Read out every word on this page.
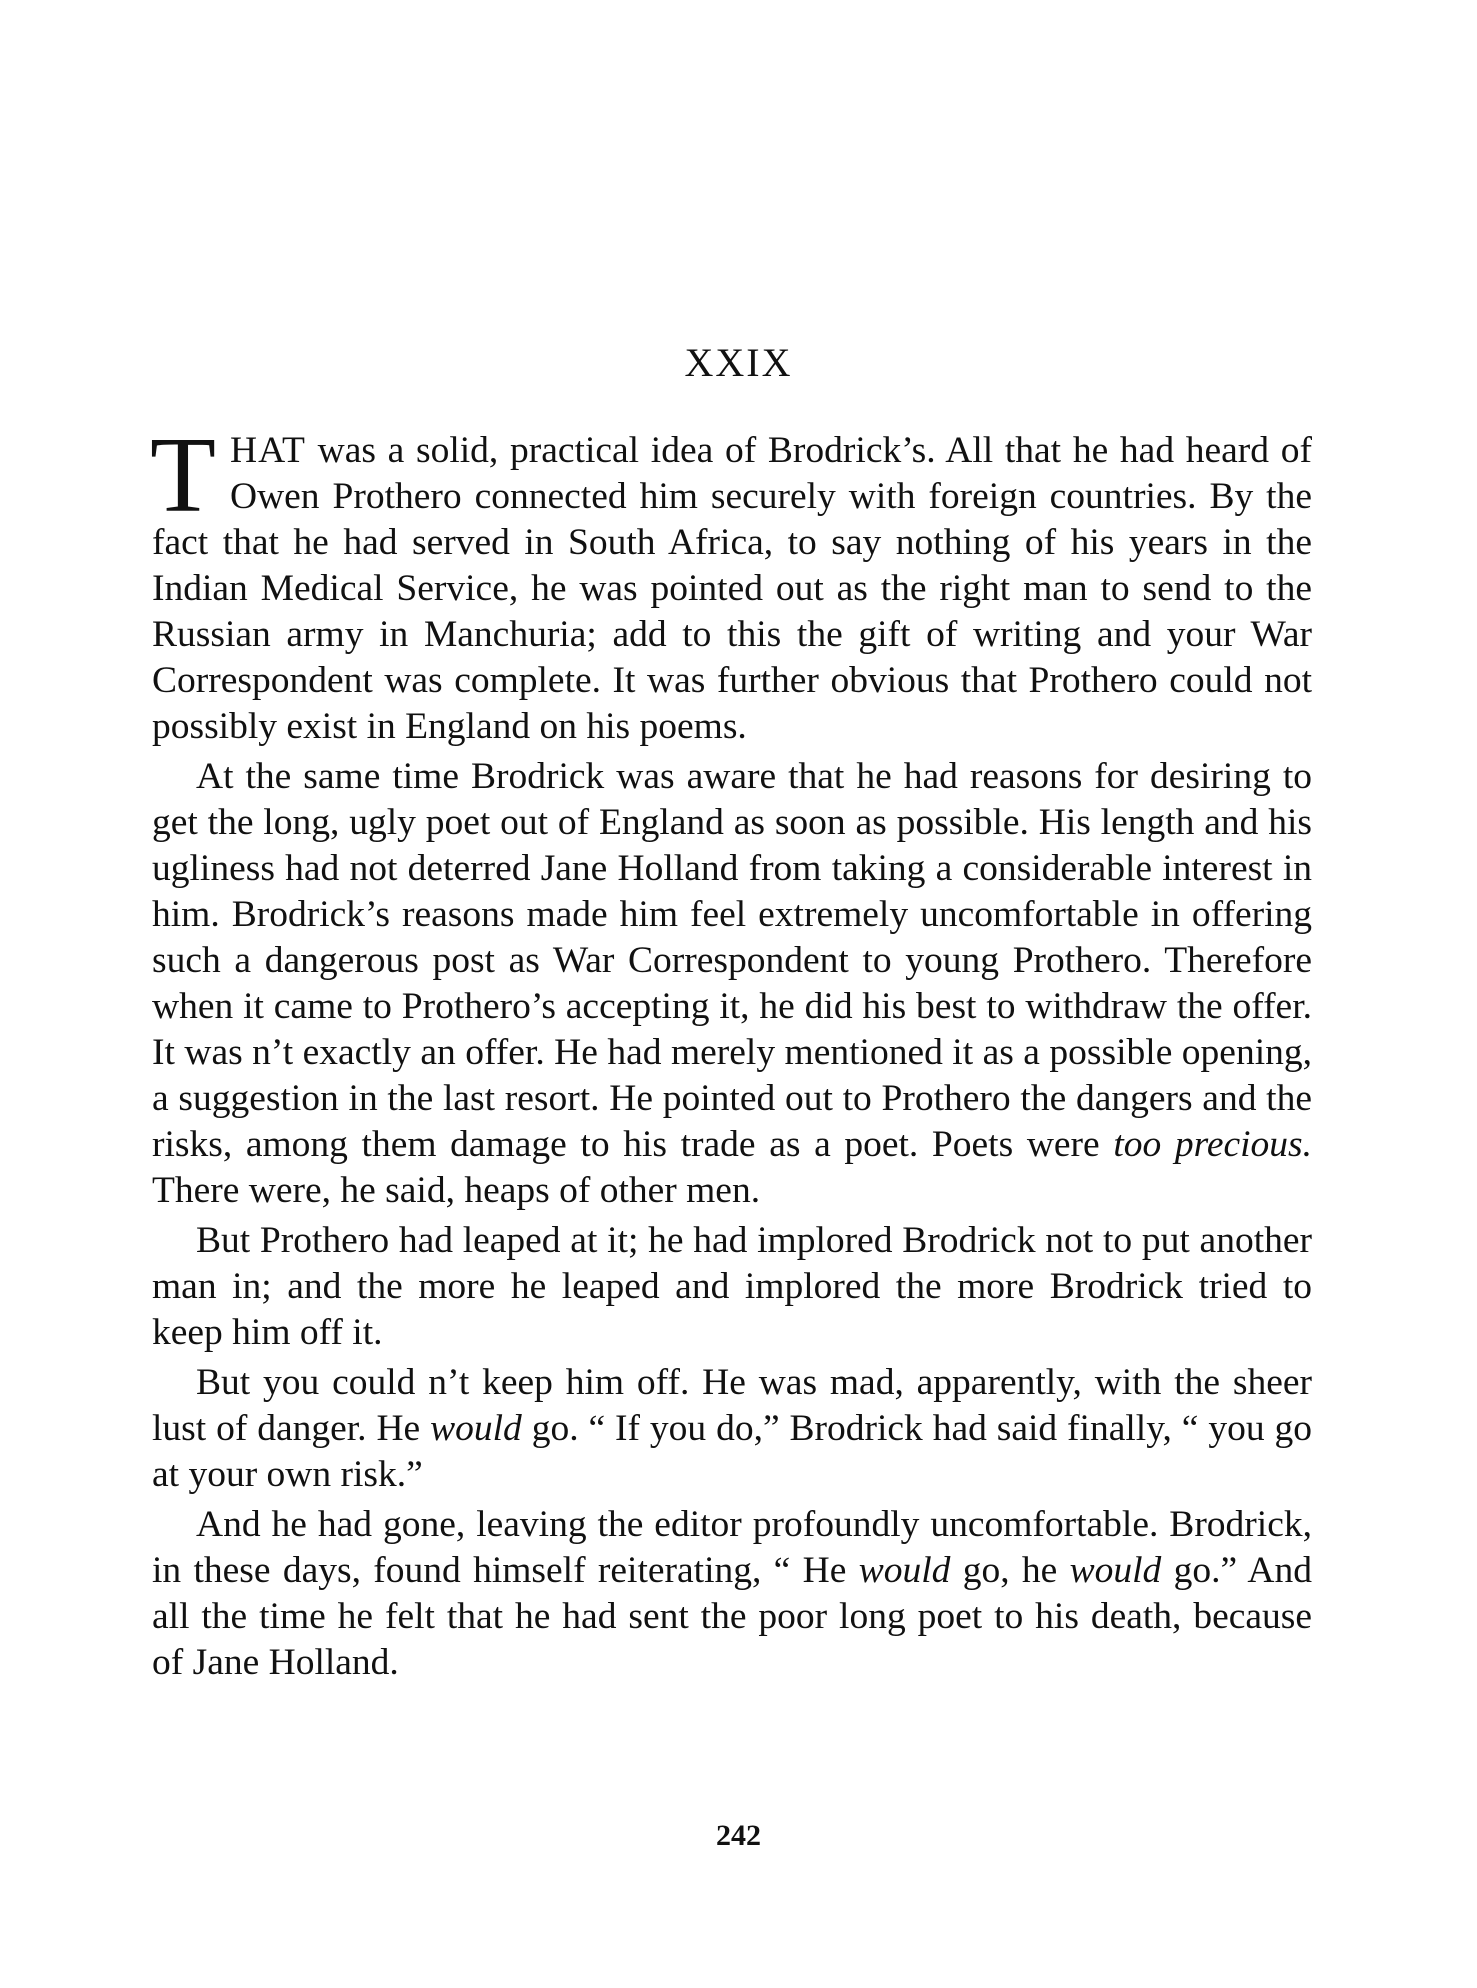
XXIX

THAT was a solid, practical idea of Brodrick’s. All that he had heard of Owen Prothero connected him securely with foreign countries. By the fact that he had served in South Africa, to say nothing of his years in the Indian Medical Service, he was pointed out as the right man to send to the Russian army in Manchuria; add to this the gift of writing and your War Correspondent was complete. It was further obvious that Prothero could not possibly exist in England on his poems.

At the same time Brodrick was aware that he had reasons for desiring to get the long, ugly poet out of England as soon as possible. His length and his ugliness had not deterred Jane Holland from taking a considerable interest in him. Brodrick’s reasons made him feel extremely uncomfortable in offering such a dangerous post as War Correspondent to young Prothero. Therefore when it came to Prothero’s accepting it, he did his best to withdraw the offer. It was n’t exactly an offer. He had merely mentioned it as a possible opening, a suggestion in the last resort. He pointed out to Prothero the dangers and the risks, among them damage to his trade as a poet. Poets were too precious. There were, he said, heaps of other men.

But Prothero had leaped at it; he had implored Brodrick not to put another man in; and the more he leaped and implored the more Brodrick tried to keep him off it.

But you could n’t keep him off. He was mad, apparently, with the sheer lust of danger. He would go. “ If you do,” Brodrick had said finally, “ you go at your own risk.”

And he had gone, leaving the editor profoundly uncomfortable. Brodrick, in these days, found himself reiterating, “ He would go, he would go.” And all the time he felt that he had sent the poor long poet to his death, because of Jane Holland.

242
